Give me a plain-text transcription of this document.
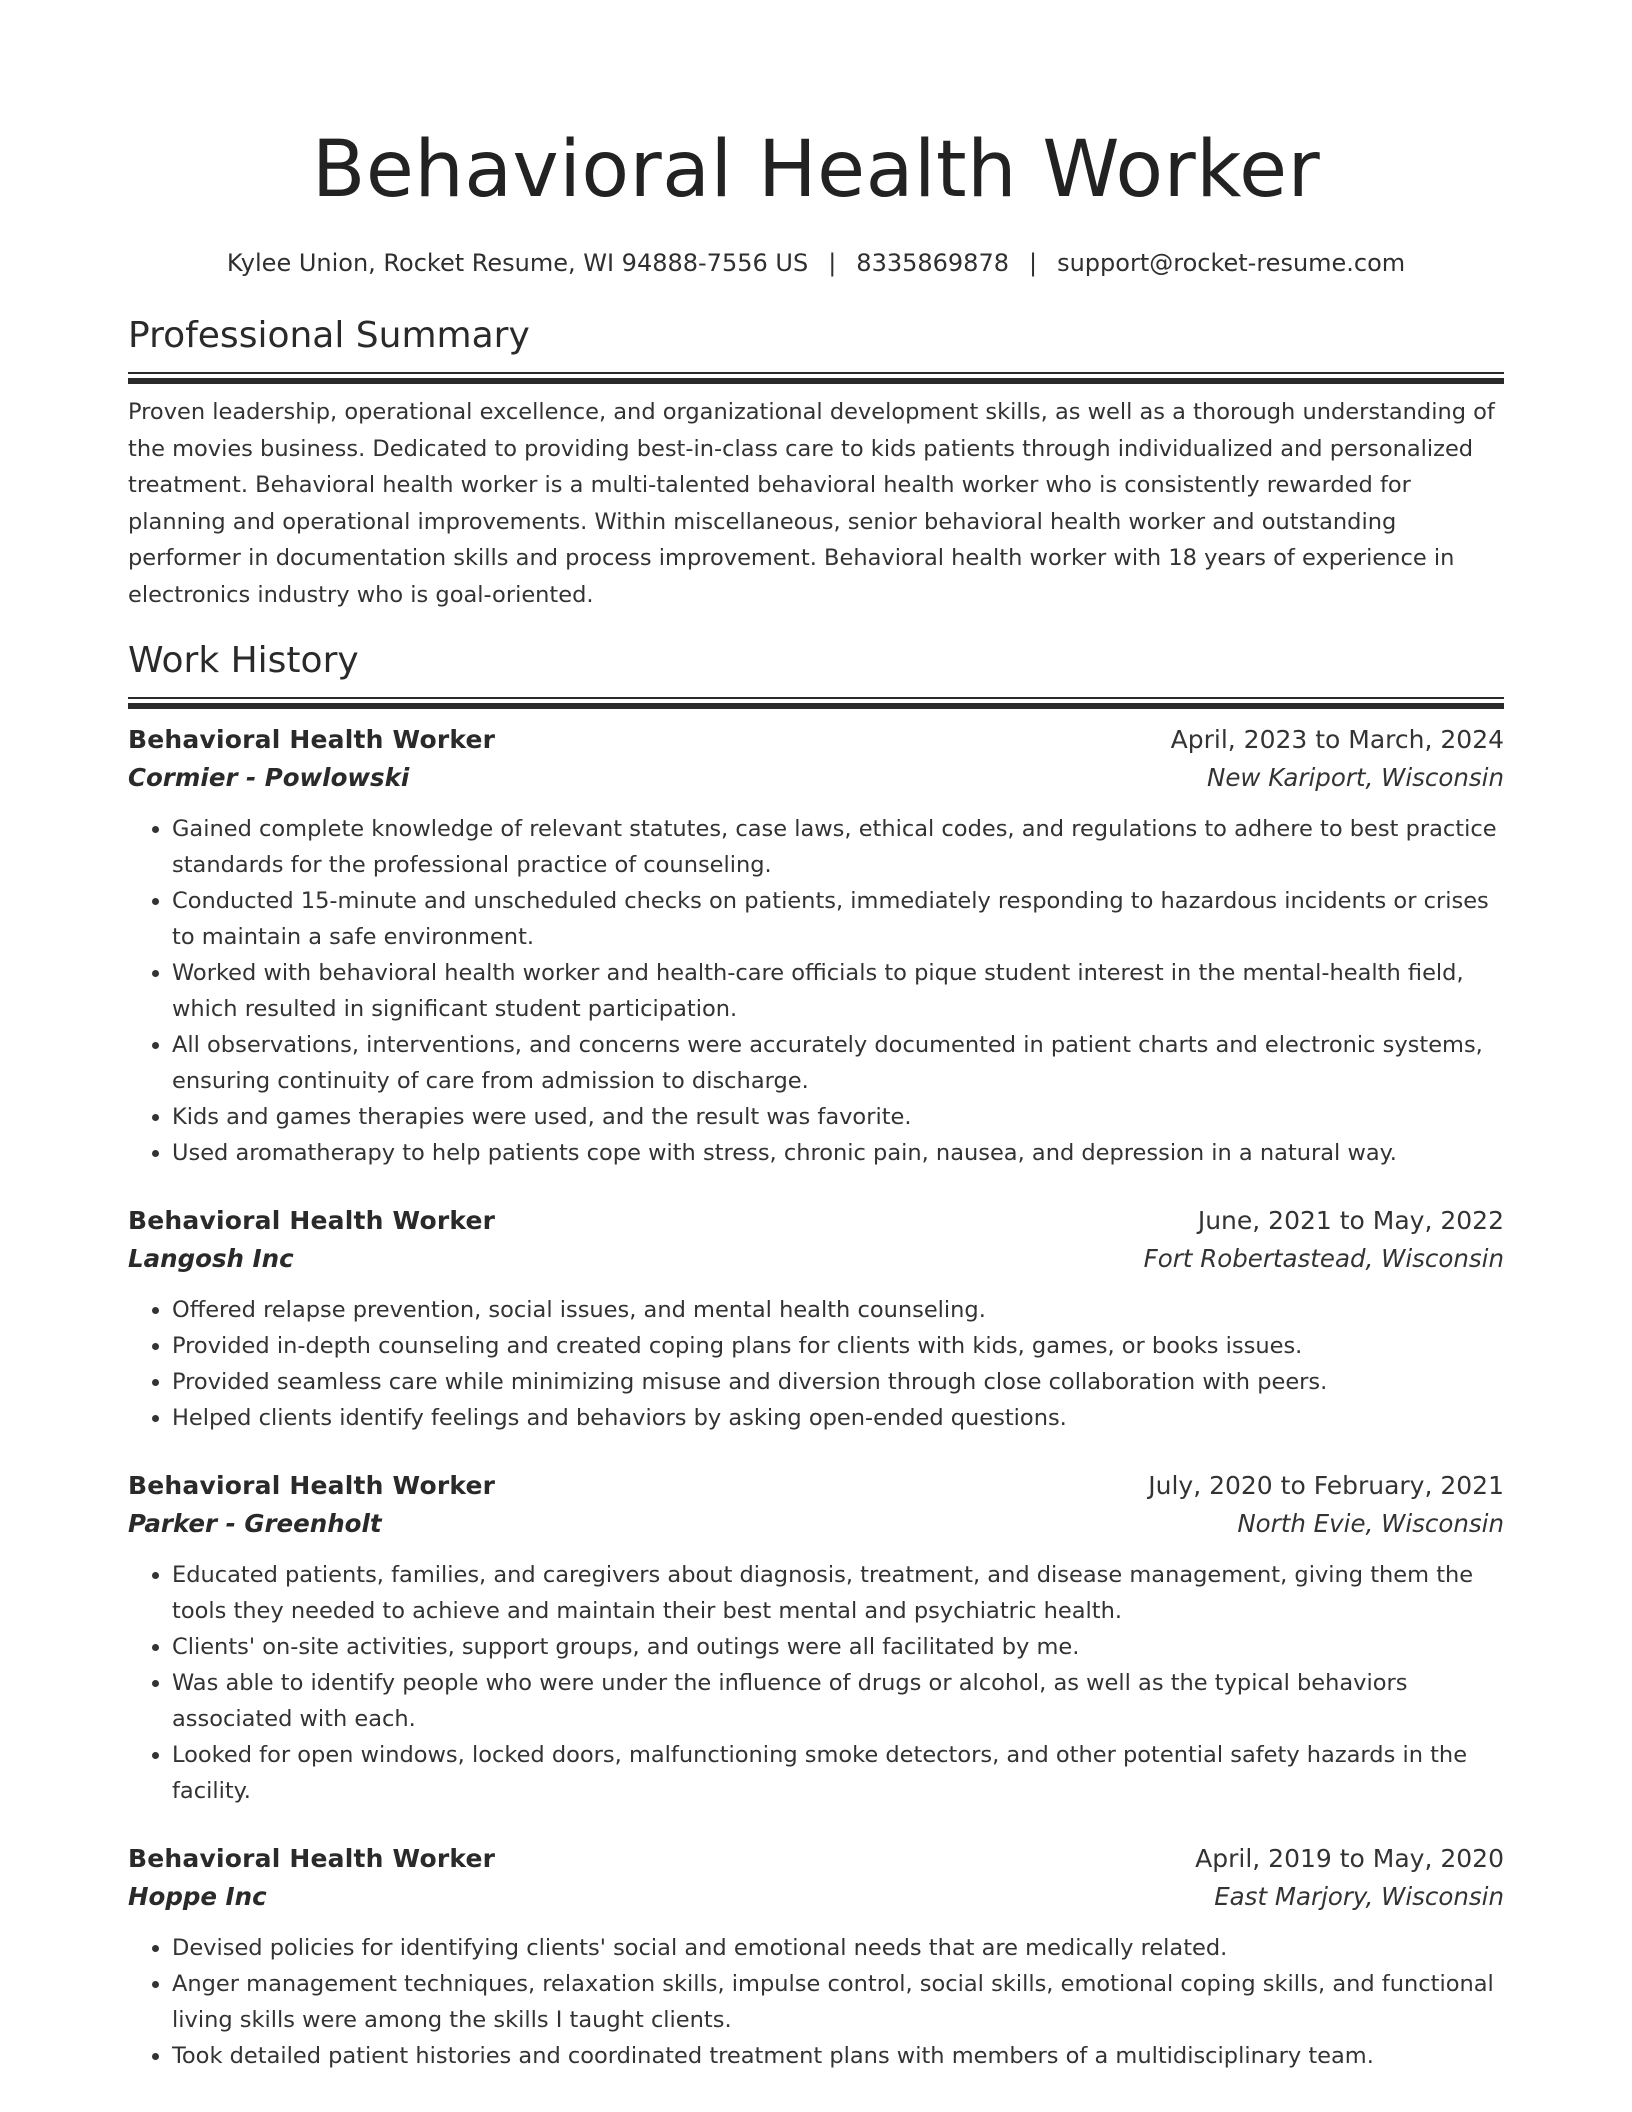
Behavioral Health Worker
Kylee Union, Rocket Resume, WI 94888-7556 US | 8335869878 | support@rocket-resume.com
Professional Summary

Proven leadership, operational excellence, and organizational development skills, as well as a thorough understanding of the movies business. Dedicated to providing best-in-class care to kids patients through individualized and personalized treatment. Behavioral health worker is a multi-talented behavioral health worker who is consistently rewarded for planning and operational improvements. Within miscellaneous, senior behavioral health worker and outstanding performer in documentation skills and process improvement. Behavioral health worker with 18 years of experience in electronics industry who is goal-oriented.

Work History
Behavioral Health Worker	April, 2023 to March, 2024
Cormier - Powlowski	New Kariport, Wisconsin
• Gained complete knowledge of relevant statutes, case laws, ethical codes, and regulations to adhere to best practice standards for the professional practice of counseling.
• Conducted 15-minute and unscheduled checks on patients, immediately responding to hazardous incidents or crises to maintain a safe environment.
• Worked with behavioral health worker and health-care officials to pique student interest in the mental-health field, which resulted in significant student participation.
• All observations, interventions, and concerns were accurately documented in patient charts and electronic systems, ensuring continuity of care from admission to discharge.
• Kids and games therapies were used, and the result was favorite.
• Used aromatherapy to help patients cope with stress, chronic pain, nausea, and depression in a natural way.
Behavioral Health Worker	June, 2021 to May, 2022
Langosh Inc	Fort Robertastead, Wisconsin
• Offered relapse prevention, social issues, and mental health counseling.
• Provided in-depth counseling and created coping plans for clients with kids, games, or books issues.
• Provided seamless care while minimizing misuse and diversion through close collaboration with peers.
• Helped clients identify feelings and behaviors by asking open-ended questions.
Behavioral Health Worker	July, 2020 to February, 2021
Parker - Greenholt	North Evie, Wisconsin
• Educated patients, families, and caregivers about diagnosis, treatment, and disease management, giving them the tools they needed to achieve and maintain their best mental and psychiatric health.
• Clients' on-site activities, support groups, and outings were all facilitated by me.
• Was able to identify people who were under the influence of drugs or alcohol, as well as the typical behaviors associated with each.
• Looked for open windows, locked doors, malfunctioning smoke detectors, and other potential safety hazards in the facility.
Behavioral Health Worker	April, 2019 to May, 2020
Hoppe Inc	East Marjory, Wisconsin
• Devised policies for identifying clients' social and emotional needs that are medically related.
• Anger management techniques, relaxation skills, impulse control, social skills, emotional coping skills, and functional living skills were among the skills I taught clients.
• Took detailed patient histories and coordinated treatment plans with members of a multidisciplinary team.
